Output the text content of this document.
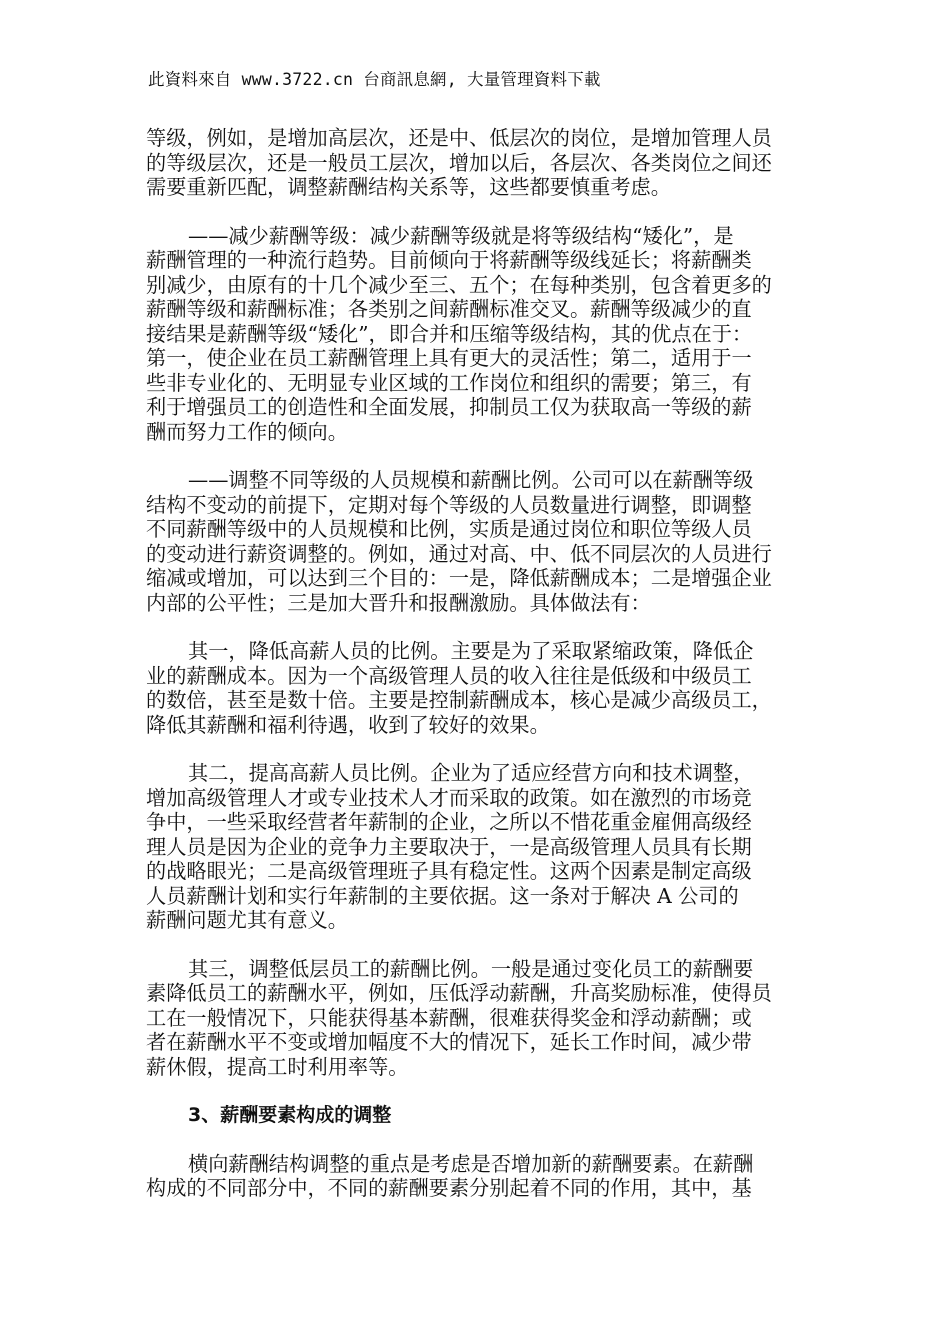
此資料來自 www.3722.cn 台商訊息網, 大量管理資料下載
等级，例如，是增加高层次，还是中、低层次的岗位，是增加管理人员
的等级层次，还是一般员工层次，增加以后，各层次、各类岗位之间还
需要重新匹配，调整薪酬结构关系等，这些都要慎重考虑。
——减少薪酬等级：减少薪酬等级就是将等级结构“矮化”，是
薪酬管理的一种流行趋势。目前倾向于将薪酬等级线延长；将薪酬类
别减少，由原有的十几个减少至三、五个；在每种类别，包含着更多的
薪酬等级和薪酬标准；各类别之间薪酬标准交叉。薪酬等级减少的直
接结果是薪酬等级“矮化”，即合并和压缩等级结构，其的优点在于：
第一，使企业在员工薪酬管理上具有更大的灵活性；第二，适用于一
些非专业化的、无明显专业区域的工作岗位和组织的需要；第三，有
利于增强员工的创造性和全面发展，抑制员工仅为获取高一等级的薪
酬而努力工作的倾向。
——调整不同等级的人员规模和薪酬比例。公司可以在薪酬等级
结构不变动的前提下，定期对每个等级的人员数量进行调整，即调整
不同薪酬等级中的人员规模和比例，实质是通过岗位和职位等级人员
的变动进行薪资调整的。例如，通过对高、中、低不同层次的人员进行
缩减或增加，可以达到三个目的：一是，降低薪酬成本；二是增强企业
内部的公平性；三是加大晋升和报酬激励。具体做法有：
其一，降低高薪人员的比例。主要是为了采取紧缩政策，降低企
业的薪酬成本。因为一个高级管理人员的收入往往是低级和中级员工
的数倍，甚至是数十倍。主要是控制薪酬成本，核心是减少高级员工，
降低其薪酬和福利待遇，收到了较好的效果。
其二，提高高薪人员比例。企业为了适应经营方向和技术调整，
增加高级管理人才或专业技术人才而采取的政策。如在激烈的市场竞
争中，一些采取经营者年薪制的企业，之所以不惜花重金雇佣高级经
理人员是因为企业的竞争力主要取决于，一是高级管理人员具有长期
的战略眼光；二是高级管理班子具有稳定性。这两个因素是制定高级
人员薪酬计划和实行年薪制的主要依据。这一条对于解决 A 公司的
薪酬问题尤其有意义。
其三，调整低层员工的薪酬比例。一般是通过变化员工的薪酬要
素降低员工的薪酬水平，例如，压低浮动薪酬，升高奖励标准，使得员
工在一般情况下，只能获得基本薪酬，很难获得奖金和浮动薪酬；或
者在薪酬水平不变或增加幅度不大的情况下，延长工作时间，减少带
薪休假，提高工时利用率等。
3、薪酬要素构成的调整
横向薪酬结构调整的重点是考虑是否增加新的薪酬要素。在薪酬
构成的不同部分中，不同的薪酬要素分别起着不同的作用，其中，基
